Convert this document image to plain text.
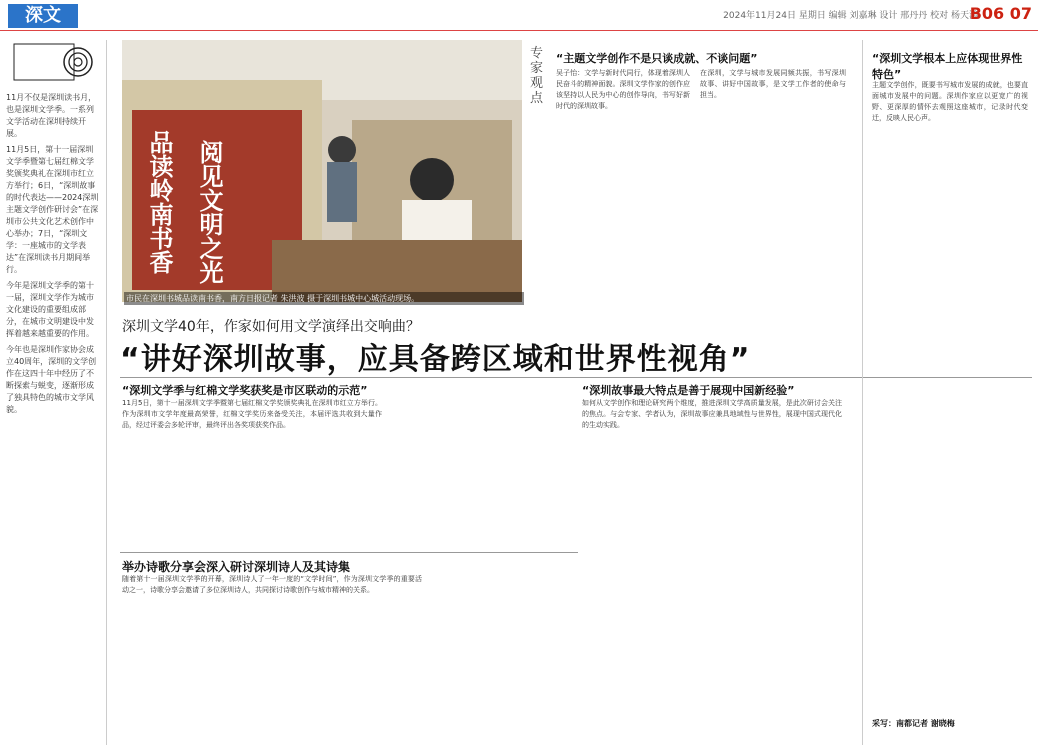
深文	2024年11月24日 星期日 编辑 刘嘉琳 设计 邢丹丹 校对 杨天鸿
B06 07

11月不仅是深圳读书月，也是深圳文学季。一系列文学活动在深圳持续开展。

11月5日，第十一届深圳文学季暨第七届红棉文学奖颁奖典礼在深圳市红立方举行；6日，“深圳故事的时代表达——2024深圳主题文学创作研讨会”在深圳市公共文化艺术创作中心举办；7日，“深圳文学：一座城市的文学表达”在深圳读书月期间举行。

今年是深圳文学季的第十一届，深圳文学作为城市文化建设的重要组成部分，在城市文明建设中发挥着越来越重要的作用。

今年也是深圳作家协会成立40周年，深圳的文学创作在这四十年中经历了不断探索与蜕变，逐渐形成了独具特色的城市文学风貌。

品读岭南书香 阅见文明之光
市民在深圳书城品读南书香，南方日报记者 朱洪波 摄于深圳书城中心城活动现场。
深圳文学40年，作家如何用文学演绎出交响曲？
“讲好深圳故事，应具备跨区域和世界性视角”
“深圳文学季与红棉文学奖获奖是市区联动的示范”
11月5日，第十一届深圳文学季暨第七届红棉文学奖颁奖典礼在深圳市红立方举行。作为深圳市文学年度最高荣誉，红棉文学奖历来备受关注，本届评选共收到大量作品，经过评委会多轮评审，最终评出各奖项获奖作品。
“深圳故事最大特点是善于展现中国新经验”
如何从文学创作和理论研究两个维度，推进深圳文学高质量发展，是此次研讨会关注的焦点。与会专家、学者认为，深圳故事应兼具地域性与世界性，展现中国式现代化的生动实践。
举办诗歌分享会深入研讨深圳诗人及其诗集
随着第十一届深圳文学季的开幕，深圳诗人了一年一度的“文学时间”，作为深圳文学季的重要活动之一，诗歌分享会邀请了多位深圳诗人，共同探讨诗歌创作与城市精神的关系。
专家观点
“主题文学创作不是只谈成就、不谈问题”
吴子怡：文学与新时代同行，体现着深圳人民奋斗的精神面貌。深圳文学作家的创作应该坚持以人民为中心的创作导向，书写好新时代的深圳故事。
在深圳，文学与城市发展同频共振，书写深圳故事、讲好中国故事，是文学工作者的使命与担当。
“深圳文学根本上应体现世界性特色”
主题文学创作，既要书写城市发展的成就，也要直面城市发展中的问题。深圳作家应以更宽广的视野、更深厚的情怀去观照这座城市，记录时代变迁，反映人民心声。
采写：南都记者 谢晓梅
